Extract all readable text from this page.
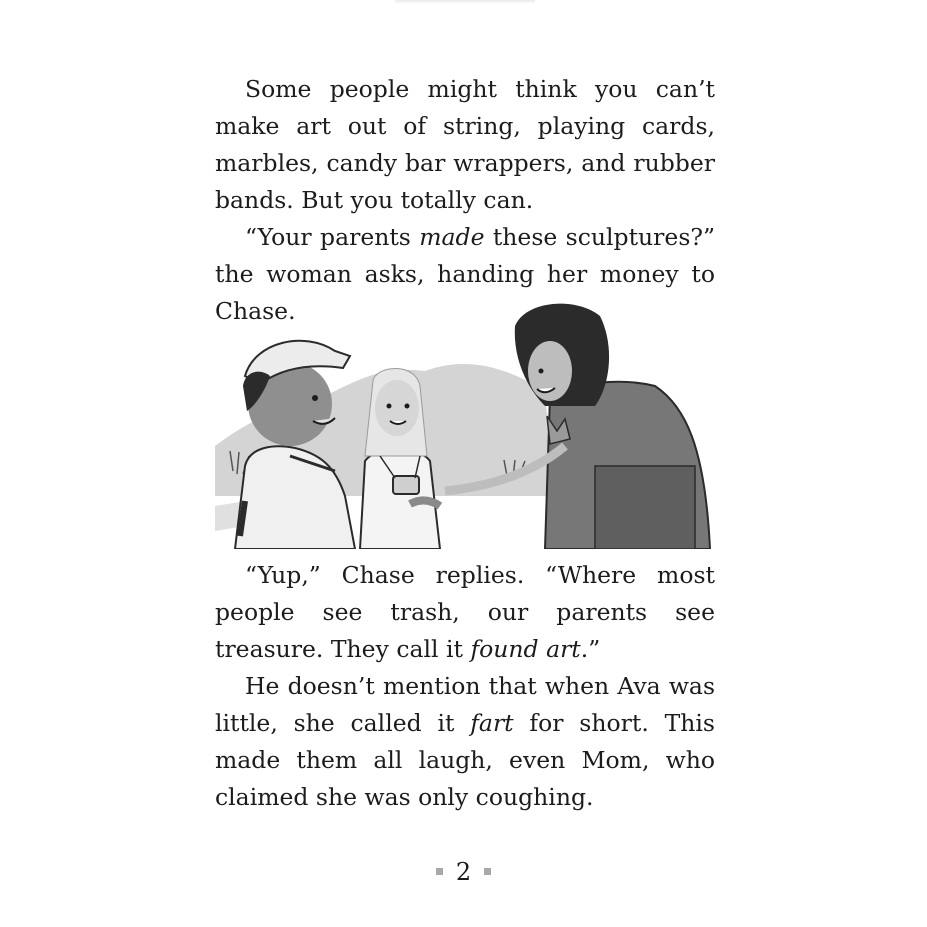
Some people might think you can’t make art out of string, playing cards, marbles, candy bar wrappers, and rubber bands. But you totally can.

“Your parents made these sculptures?” the woman asks, handing her money to Chase.

“Yup,” Chase replies. “Where most people see trash, our parents see treasure. They call it found art.”

He doesn’t mention that when Ava was little, she called it fart for short. This made them all laugh, even Mom, who claimed she was only coughing.

2
